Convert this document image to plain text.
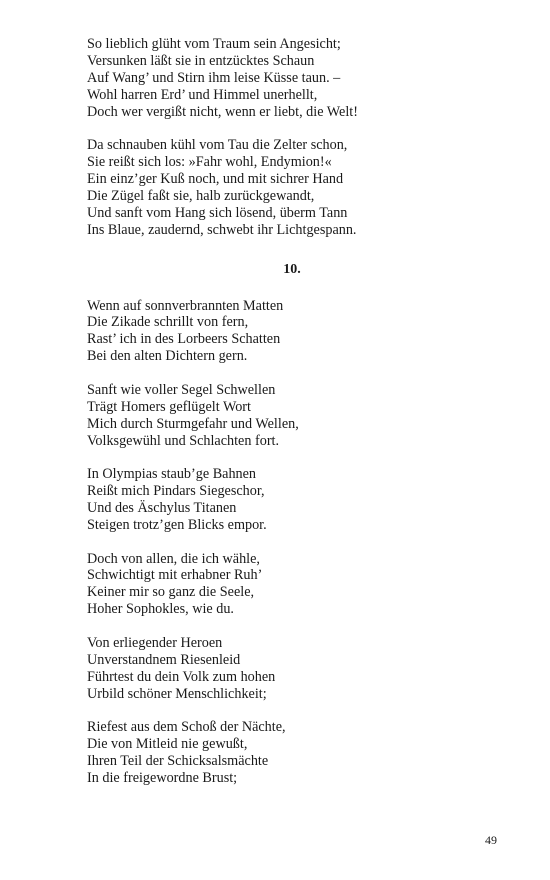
So lieblich glüht vom Traum sein Angesicht;
Versunken läßt sie in entzücktes Schaun
Auf Wang’ und Stirn ihm leise Küsse taun. –
Wohl harren Erd’ und Himmel unerhellt,
Doch wer vergißt nicht, wenn er liebt, die Welt!
Da schnauben kühl vom Tau die Zelter schon,
Sie reißt sich los: »Fahr wohl, Endymion!«
Ein einz’ger Kuß noch, und mit sichrer Hand
Die Zügel faßt sie, halb zurückgewandt,
Und sanft vom Hang sich lösend, überm Tann
Ins Blaue, zaudernd, schwebt ihr Lichtgespann.
10.
Wenn auf sonnverbrannten Matten
Die Zikade schrillt von fern,
Rast’ ich in des Lorbeers Schatten
Bei den alten Dichtern gern.
Sanft wie voller Segel Schwellen
Trägt Homers geflügelt Wort
Mich durch Sturmgefahr und Wellen,
Volksgewühl und Schlachten fort.
In Olympias staub’ge Bahnen
Reißt mich Pindars Siegeschor,
Und des Äschylus Titanen
Steigen trotz’gen Blicks empor.
Doch von allen, die ich wähle,
Schwichtigt mit erhabner Ruh’
Keiner mir so ganz die Seele,
Hoher Sophokles, wie du.
Von erliegender Heroen
Unverstandnem Riesenleid
Führtest du dein Volk zum hohen
Urbild schöner Menschlichkeit;
Riefest aus dem Schoß der Nächte,
Die von Mitleid nie gewußt,
Ihren Teil der Schicksalsmächte
In die freigewordne Brust;
49
